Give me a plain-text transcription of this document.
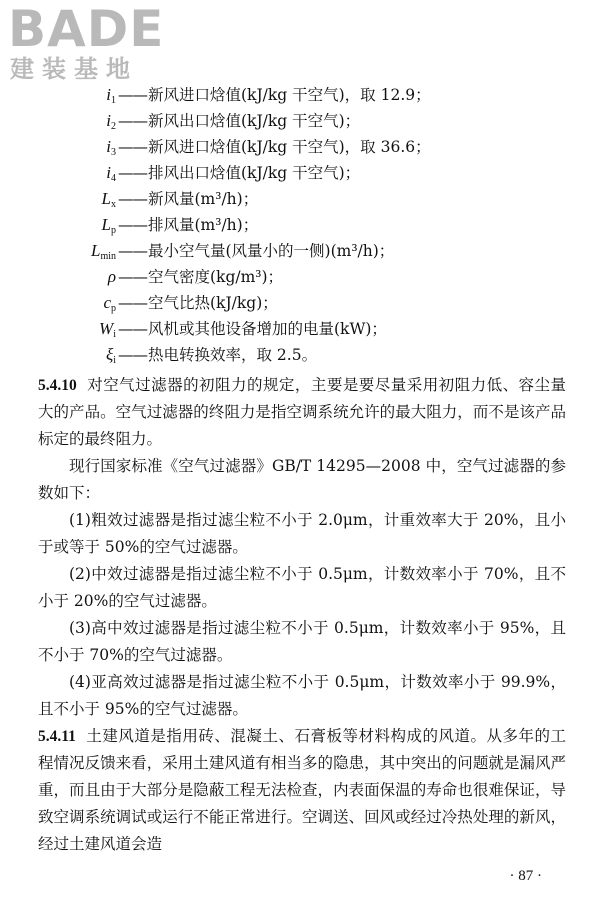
BADE
建装基地
$i_1$ —— 新风进口焓值(kJ/kg 干空气)，取 12.9；
$i_2$ —— 新风出口焓值(kJ/kg 干空气)；
$i_3$ —— 新风进口焓值(kJ/kg 干空气)，取 36.6；
$i_4$ —— 排风出口焓值(kJ/kg 干空气)；
$L_x$ —— 新风量(m³/h)；
$L_p$ —— 排风量(m³/h)；
$L_{min}$ —— 最小空气量(风量小的一侧)(m³/h)；
ρ —— 空气密度(kg/m³)；
$c_p$ —— 空气比热(kJ/kg)；
$W_i$ —— 风机或其他设备增加的电量(kW)；
$\xi_i$ —— 热电转换效率，取 2.5。

5.4.10 对空气过滤器的初阻力的规定，主要是要尽量采用初阻力低、容尘量大的产品。空气过滤器的终阻力是指空调系统允许的最大阻力，而不是该产品标定的最终阻力。

现行国家标准《空气过滤器》GB/T 14295—2008 中，空气过滤器的参数如下：

(1)粗效过滤器是指过滤尘粒不小于 2.0μm，计重效率大于 20%，且小于或等于 50%的空气过滤器。

(2)中效过滤器是指过滤尘粒不小于 0.5μm，计数效率小于 70%，且不小于 20%的空气过滤器。

(3)高中效过滤器是指过滤尘粒不小于 0.5μm，计数效率小于 95%，且不小于 70%的空气过滤器。

(4)亚高效过滤器是指过滤尘粒不小于 0.5μm，计数效率小于 99.9%，且不小于 95%的空气过滤器。

5.4.11 土建风道是指用砖、混凝土、石膏板等材料构成的风道。从多年的工程情况反馈来看，采用土建风道有相当多的隐患，其中突出的问题就是漏风严重，而且由于大部分是隐蔽工程无法检查，内表面保温的寿命也很难保证，导致空调系统调试或运行不能正常进行。空调送、回风或经过冷热处理的新风，经过土建风道会造

· 87 ·
